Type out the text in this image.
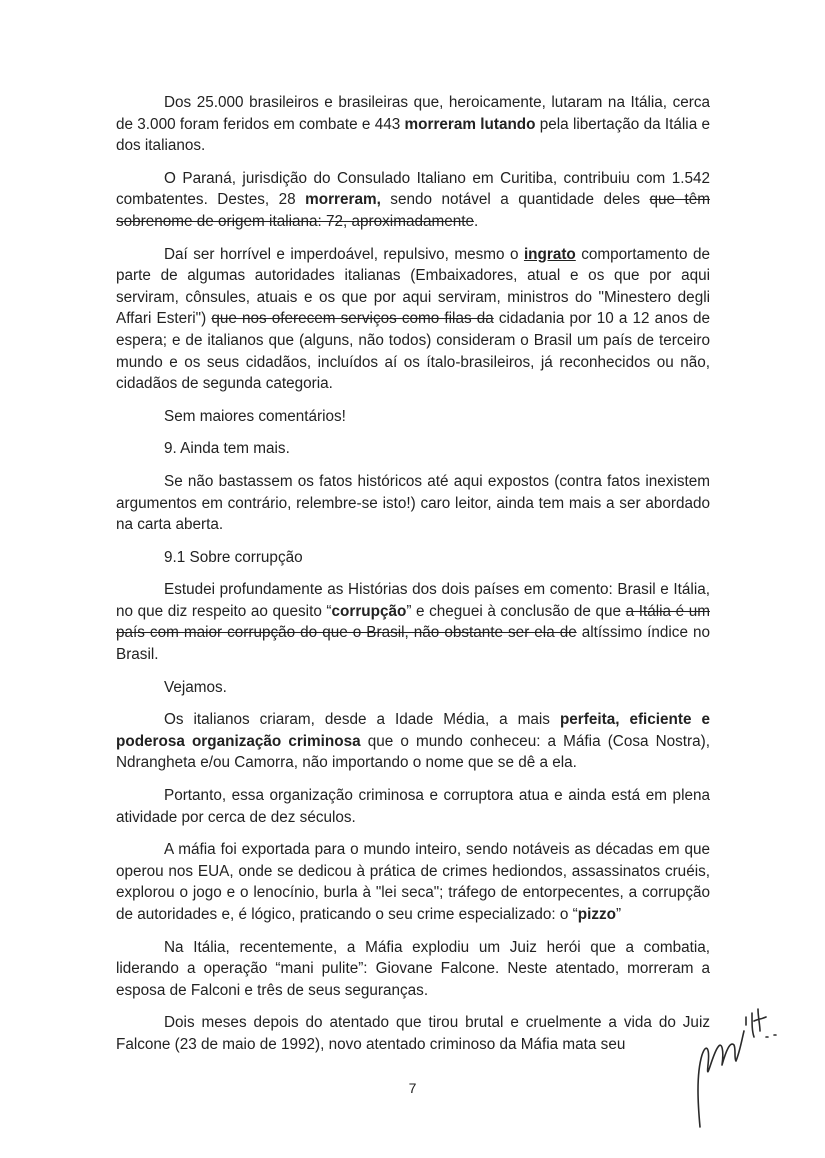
Dos 25.000 brasileiros e brasileiras que, heroicamente, lutaram na Itália, cerca de 3.000 foram feridos em combate e 443 morreram lutando pela libertação da Itália e dos italianos.

O Paraná, jurisdição do Consulado Italiano em Curitiba, contribuiu com 1.542 combatentes. Destes, 28 morreram, sendo notável a quantidade deles que têm sobrenome de origem italiana: 72, aproximadamente.

Daí ser horrível e imperdoável, repulsivo, mesmo o ingrato comportamento de parte de algumas autoridades italianas (Embaixadores, atual e os que por aqui serviram, cônsules, atuais e os que por aqui serviram, ministros do "Minestero degli Affari Esteri") que nos oferecem serviços como filas da cidadania por 10 a 12 anos de espera; e de italianos que (alguns, não todos) consideram o Brasil um país de terceiro mundo e os seus cidadãos, incluídos aí os ítalo-brasileiros, já reconhecidos ou não, cidadãos de segunda categoria.

Sem maiores comentários!

9. Ainda tem mais.

Se não bastassem os fatos históricos até aqui expostos (contra fatos inexistem argumentos em contrário, relembre-se isto!) caro leitor, ainda tem mais a ser abordado na carta aberta.

9.1 Sobre corrupção

Estudei profundamente as Histórias dos dois países em comento: Brasil e Itália, no que diz respeito ao quesito “corrupção” e cheguei à conclusão de que a Itália é um país com maior corrupção do que o Brasil, não obstante ser ela de altíssimo índice no Brasil.

Vejamos.

Os italianos criaram, desde a Idade Média, a mais perfeita, eficiente e poderosa organização criminosa que o mundo conheceu: a Máfia (Cosa Nostra), Ndrangheta e/ou Camorra, não importando o nome que se dê a ela.

Portanto, essa organização criminosa e corruptora atua e ainda está em plena atividade por cerca de dez séculos.

A máfia foi exportada para o mundo inteiro, sendo notáveis as décadas em que operou nos EUA, onde se dedicou à prática de crimes hediondos, assassinatos cruéis, explorou o jogo e o lenocínio, burla à "lei seca"; tráfego de entorpecentes, a corrupção de autoridades e, é lógico, praticando o seu crime especializado: o “pizzo”

Na Itália, recentemente, a Máfia explodiu um Juiz herói que a combatia, liderando a operação “mani pulite”: Giovane Falcone. Neste atentado, morreram a esposa de Falconi e três de seus seguranças.

Dois meses depois do atentado que tirou brutal e cruelmente a vida do Juiz Falcone (23 de maio de 1992), novo atentado criminoso da Máfia mata seu

7
